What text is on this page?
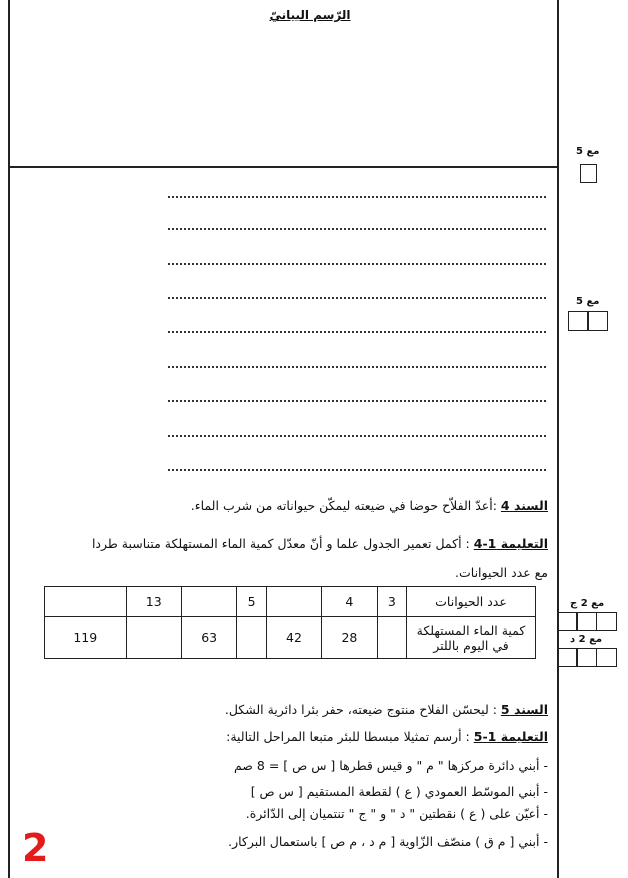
الرّسم البيانيّ
مع 5
مع 5
مع 2 ج
مع 2 د
السند 4 :أعدّ الفلاّح حوضا في ضيعته ليمكّن حيواناته من شرب الماء.
التعليمة 1-4 : أكمل تعمير الجدول علما و أنّ معدّل كمية الماء المستهلكة متناسبة طردا
مع عدد الحيوانات.
	13		5		4	3	عدد الحيوانات
119		63		42	28		كمية الماء المستهلكة
في اليوم باللتر
السند 5 : ليحسّن الفلاح منتوج ضيعته، حفر بئرا دائرية الشكل.
التعليمة 1-5 : أرسم تمثيلا مبسطا للبئر متبعا المراحل التالية:
- أبني دائرة مركزها " م " و قيس قطرها [ س ص ] = 8 صم
- أبني الموسّط العمودي ( ع ) لقطعة المستقيم [ س ص ]
- أعيّن على ( ع ) نقطتين " د " و " ج " تنتميان إلى الدّائرة.
- أبني [ م ق ) منصّف الزّاوية [ م د ، م ص ] باستعمال البركار.
2
